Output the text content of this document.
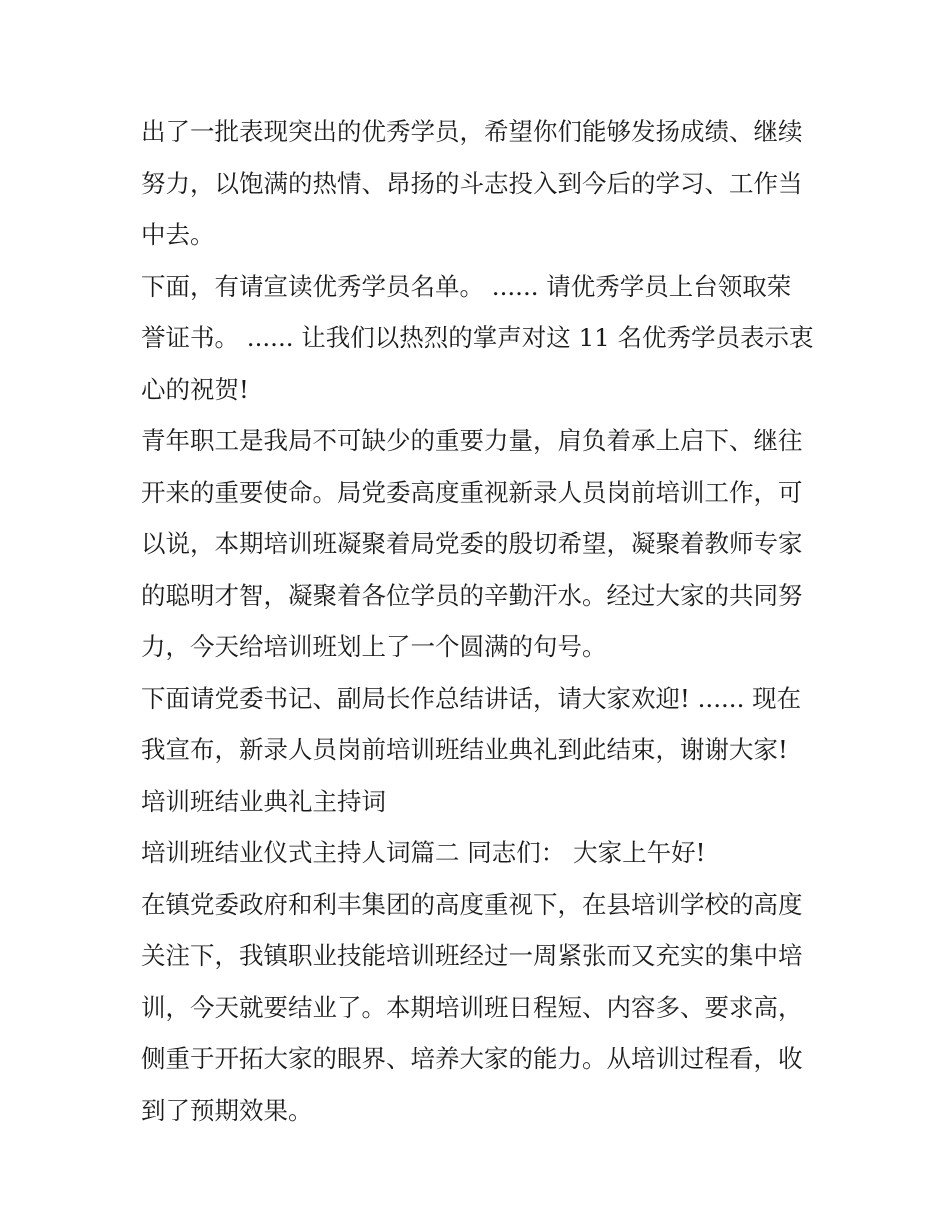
出了一批表现突出的优秀学员，希望你们能够发扬成绩、继续

努力，以饱满的热情、昂扬的斗志投入到今后的学习、工作当

中去。

下面，有请宣读优秀学员名单。 ...... 请优秀学员上台领取荣

誉证书。 ...... 让我们以热烈的掌声对这 11 名优秀学员表示衷

心的祝贺!

青年职工是我局不可缺少的重要力量，肩负着承上启下、继往

开来的重要使命。局党委高度重视新录人员岗前培训工作，可

以说，本期培训班凝聚着局党委的殷切希望，凝聚着教师专家

的聪明才智，凝聚着各位学员的辛勤汗水。经过大家的共同努

力，今天给培训班划上了一个圆满的句号。

下面请党委书记、副局长作总结讲话，请大家欢迎! ...... 现在

我宣布，新录人员岗前培训班结业典礼到此结束，谢谢大家!

培训班结业典礼主持词

培训班结业仪式主持人词篇二 同志们： 大家上午好!

在镇党委政府和利丰集团的高度重视下，在县培训学校的高度

关注下，我镇职业技能培训班经过一周紧张而又充实的集中培

训，今天就要结业了。本期培训班日程短、内容多、要求高，

侧重于开拓大家的眼界、培养大家的能力。从培训过程看，收

到了预期效果。
